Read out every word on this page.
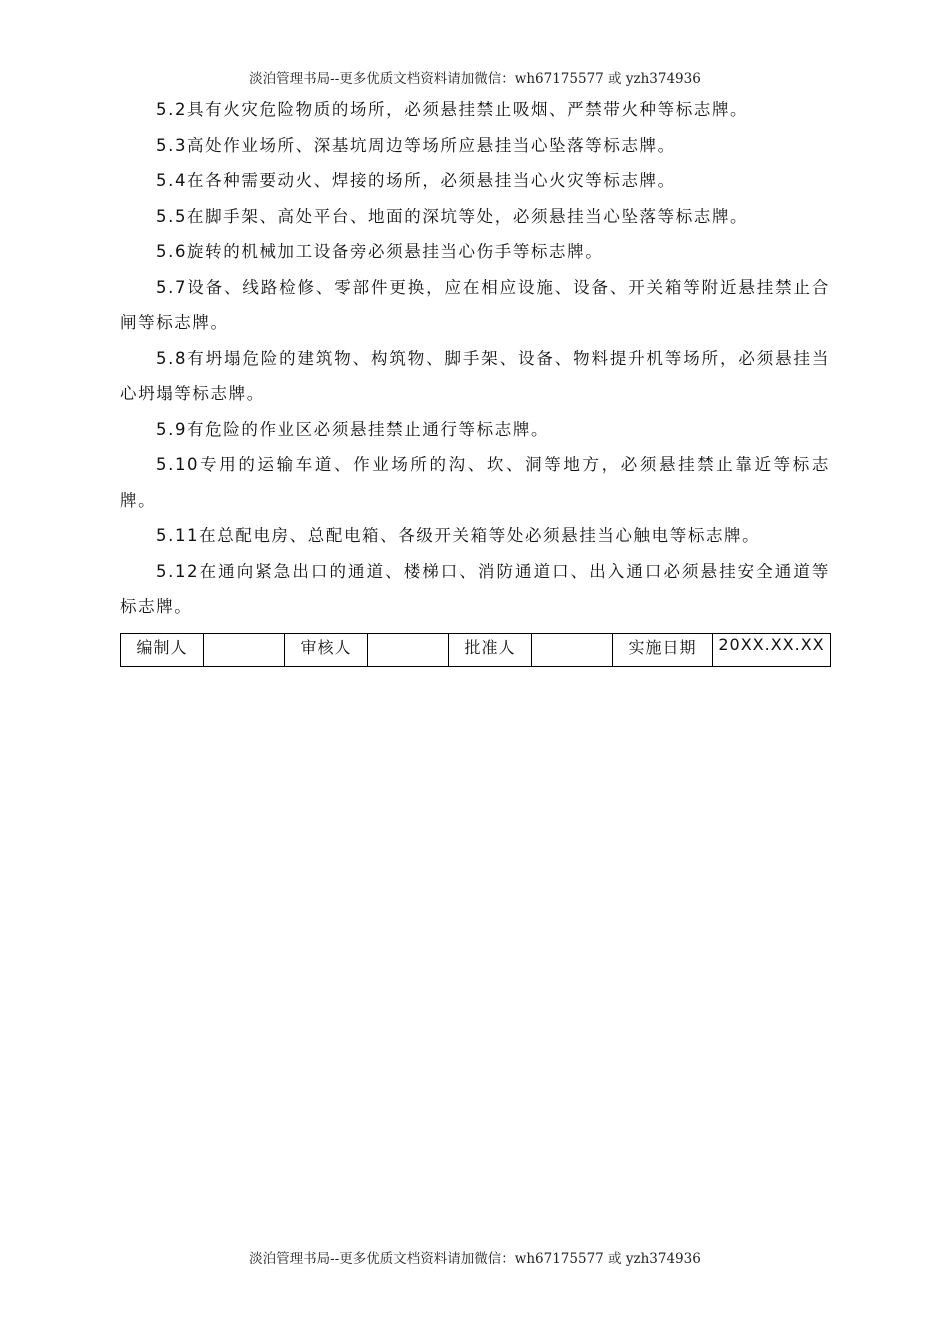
淡泊管理书局--更多优质文档资料请加微信：wh67175577 或 yzh374936

5.2具有火灾危险物质的场所，必须悬挂禁止吸烟、严禁带火种等标志牌。

5.3高处作业场所、深基坑周边等场所应悬挂当心坠落等标志牌。

5.4在各种需要动火、焊接的场所，必须悬挂当心火灾等标志牌。

5.5在脚手架、高处平台、地面的深坑等处，必须悬挂当心坠落等标志牌。

5.6旋转的机械加工设备旁必须悬挂当心伤手等标志牌。

5.7设备、线路检修、零部件更换，应在相应设施、设备、开关箱等附近悬挂禁止合闸等标志牌。

5.8有坍塌危险的建筑物、构筑物、脚手架、设备、物料提升机等场所，必须悬挂当心坍塌等标志牌。

5.9有危险的作业区必须悬挂禁止通行等标志牌。

5.10专用的运输车道、作业场所的沟、坎、洞等地方，必须悬挂禁止靠近等标志牌。

5.11在总配电房、总配电箱、各级开关箱等处必须悬挂当心触电等标志牌。

5.12在通向紧急出口的通道、楼梯口、消防通道口、出入通口必须悬挂安全通道等标志牌。

编制人		审核人		批准人		实施日期	20XX.XX.XX
淡泊管理书局--更多优质文档资料请加微信：wh67175577 或 yzh374936
